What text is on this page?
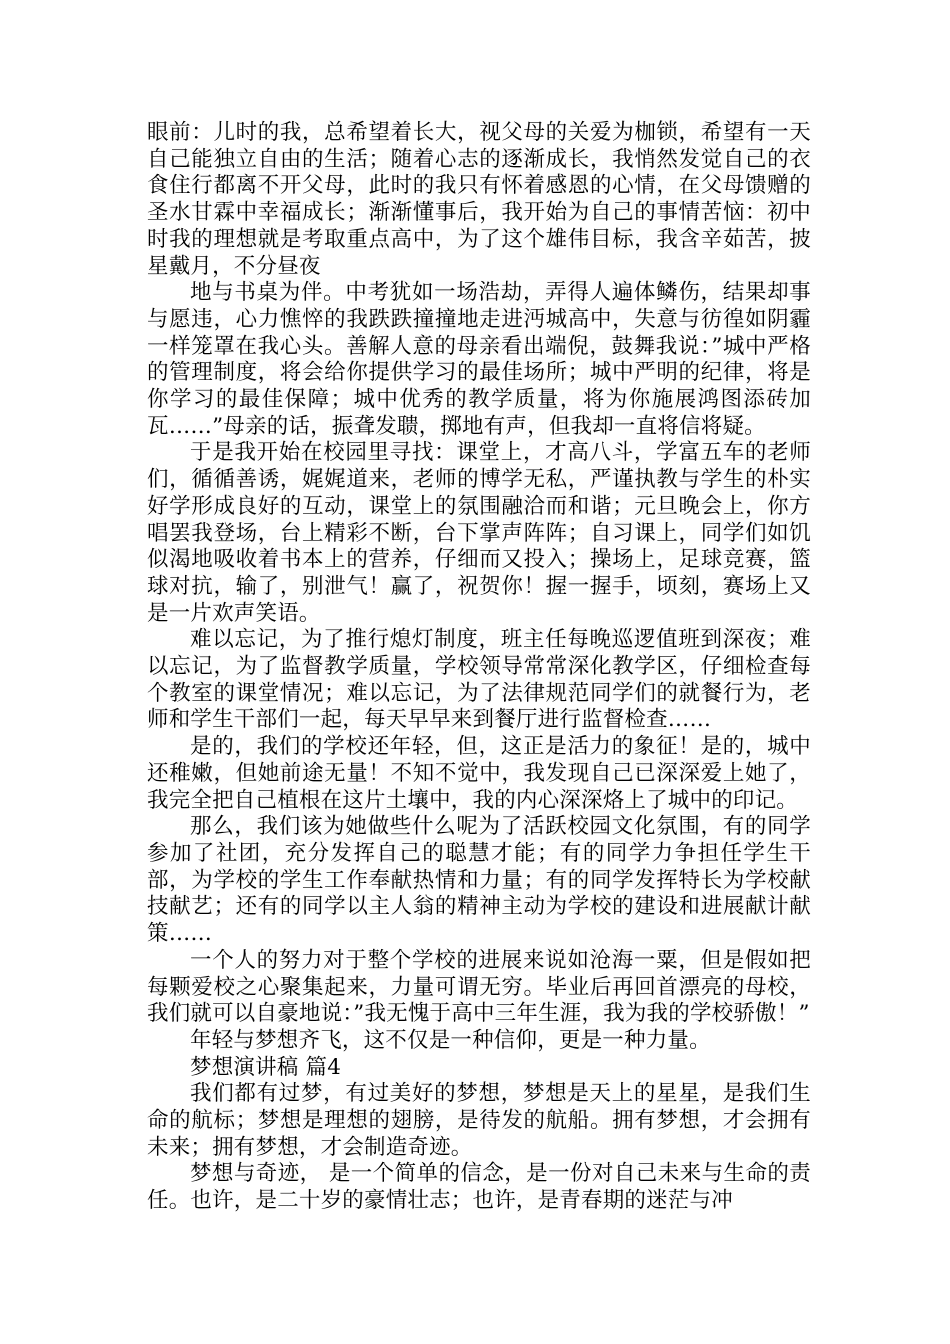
眼前：儿时的我，总希望着长大，视父母的关爱为枷锁，希望有一天自己能独立自由的生活；随着心志的逐渐成长，我悄然发觉自己的衣食住行都离不开父母，此时的我只有怀着感恩的心情，在父母馈赠的圣水甘霖中幸福成长；渐渐懂事后，我开始为自己的事情苦恼：初中时我的理想就是考取重点高中，为了这个雄伟目标，我含辛茹苦，披星戴月，不分昼夜

地与书桌为伴。中考犹如一场浩劫，弄得人遍体鳞伤，结果却事与愿违，心力憔悴的我跌跌撞撞地走进沔城高中，失意与彷徨如阴霾一样笼罩在我心头。善解人意的母亲看出端倪，鼓舞我说：”城中严格的管理制度，将会给你提供学习的最佳场所；城中严明的纪律，将是你学习的最佳保障；城中优秀的教学质量，将为你施展鸿图添砖加瓦……”母亲的话，振聋发聩，掷地有声，但我却一直将信将疑。

于是我开始在校园里寻找：课堂上，才高八斗，学富五车的老师们，循循善诱，娓娓道来，老师的博学无私，严谨执教与学生的朴实好学形成良好的互动，课堂上的氛围融洽而和谐；元旦晚会上，你方唱罢我登场，台上精彩不断，台下掌声阵阵；自习课上，同学们如饥似渴地吸收着书本上的营养，仔细而又投入；操场上，足球竞赛，篮球对抗，输了，别泄气！赢了，祝贺你！握一握手，顷刻，赛场上又是一片欢声笑语。

难以忘记，为了推行熄灯制度，班主任每晚巡逻值班到深夜；难以忘记，为了监督教学质量，学校领导常常深化教学区，仔细检查每个教室的课堂情况；难以忘记，为了法律规范同学们的就餐行为，老师和学生干部们一起，每天早早来到餐厅进行监督检查……

是的，我们的学校还年轻，但，这正是活力的象征！是的，城中还稚嫩，但她前途无量！不知不觉中，我发现自己已深深爱上她了，我完全把自己植根在这片土壤中，我的内心深深烙上了城中的印记。

那么，我们该为她做些什么呢为了活跃校园文化氛围，有的同学参加了社团，充分发挥自己的聪慧才能；有的同学力争担任学生干部，为学校的学生工作奉献热情和力量；有的同学发挥特长为学校献技献艺；还有的同学以主人翁的精神主动为学校的建设和进展献计献策……

一个人的努力对于整个学校的进展来说如沧海一粟，但是假如把每颗爱校之心聚集起来，力量可谓无穷。毕业后再回首漂亮的母校，我们就可以自豪地说：”我无愧于高中三年生涯，我为我的学校骄傲！”

年轻与梦想齐飞，这不仅是一种信仰，更是一种力量。

梦想演讲稿 篇4

我们都有过梦，有过美好的梦想，梦想是天上的星星，是我们生命的航标；梦想是理想的翅膀，是待发的航船。拥有梦想，才会拥有未来；拥有梦想，才会制造奇迹。

梦想与奇迹， 是一个简单的信念，是一份对自己未来与生命的责任。也许，是二十岁的豪情壮志；也许，是青春期的迷茫与冲
